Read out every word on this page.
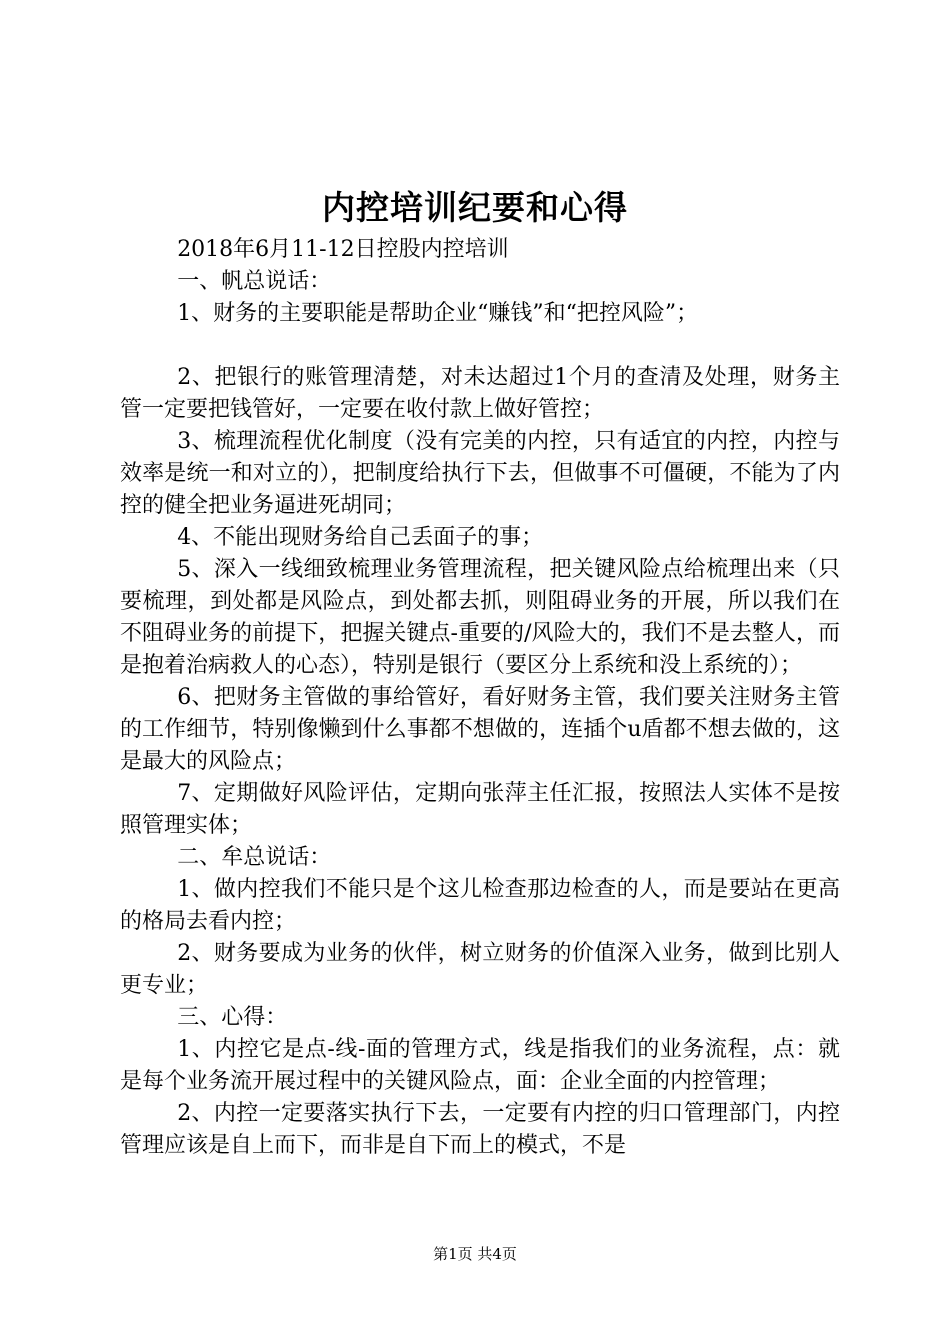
内控培训纪要和心得

2018年6月11-12日控股内控培训

一、帆总说话：

1、财务的主要职能是帮助企业“赚钱”和“把控风险”；

2、把银行的账管理清楚，对未达超过1个月的查清及处理，财务主管一定要把钱管好，一定要在收付款上做好管控；

3、梳理流程优化制度（没有完美的内控，只有适宜的内控，内控与效率是统一和对立的），把制度给执行下去，但做事不可僵硬，不能为了内控的健全把业务逼进死胡同；

4、不能出现财务给自己丢面子的事；

5、深入一线细致梳理业务管理流程，把关键风险点给梳理出来（只要梳理，到处都是风险点，到处都去抓，则阻碍业务的开展，所以我们在不阻碍业务的前提下，把握关键点-重要的/风险大的，我们不是去整人，而是抱着治病救人的心态），特别是银行（要区分上系统和没上系统的）；

6、把财务主管做的事给管好，看好财务主管，我们要关注财务主管的工作细节，特别像懒到什么事都不想做的，连插个u盾都不想去做的，这是最大的风险点；

7、定期做好风险评估，定期向张萍主任汇报，按照法人实体不是按照管理实体；

二、牟总说话：

1、做内控我们不能只是个这儿检查那边检查的人，而是要站在更高的格局去看内控；

2、财务要成为业务的伙伴，树立财务的价值深入业务，做到比别人更专业；

三、心得：

1、内控它是点-线-面的管理方式，线是指我们的业务流程，点：就是每个业务流开展过程中的关键风险点，面：企业全面的内控管理；

2、内控一定要落实执行下去，一定要有内控的归口管理部门，内控管理应该是自上而下，而非是自下而上的模式，不是

第1页 共4页
